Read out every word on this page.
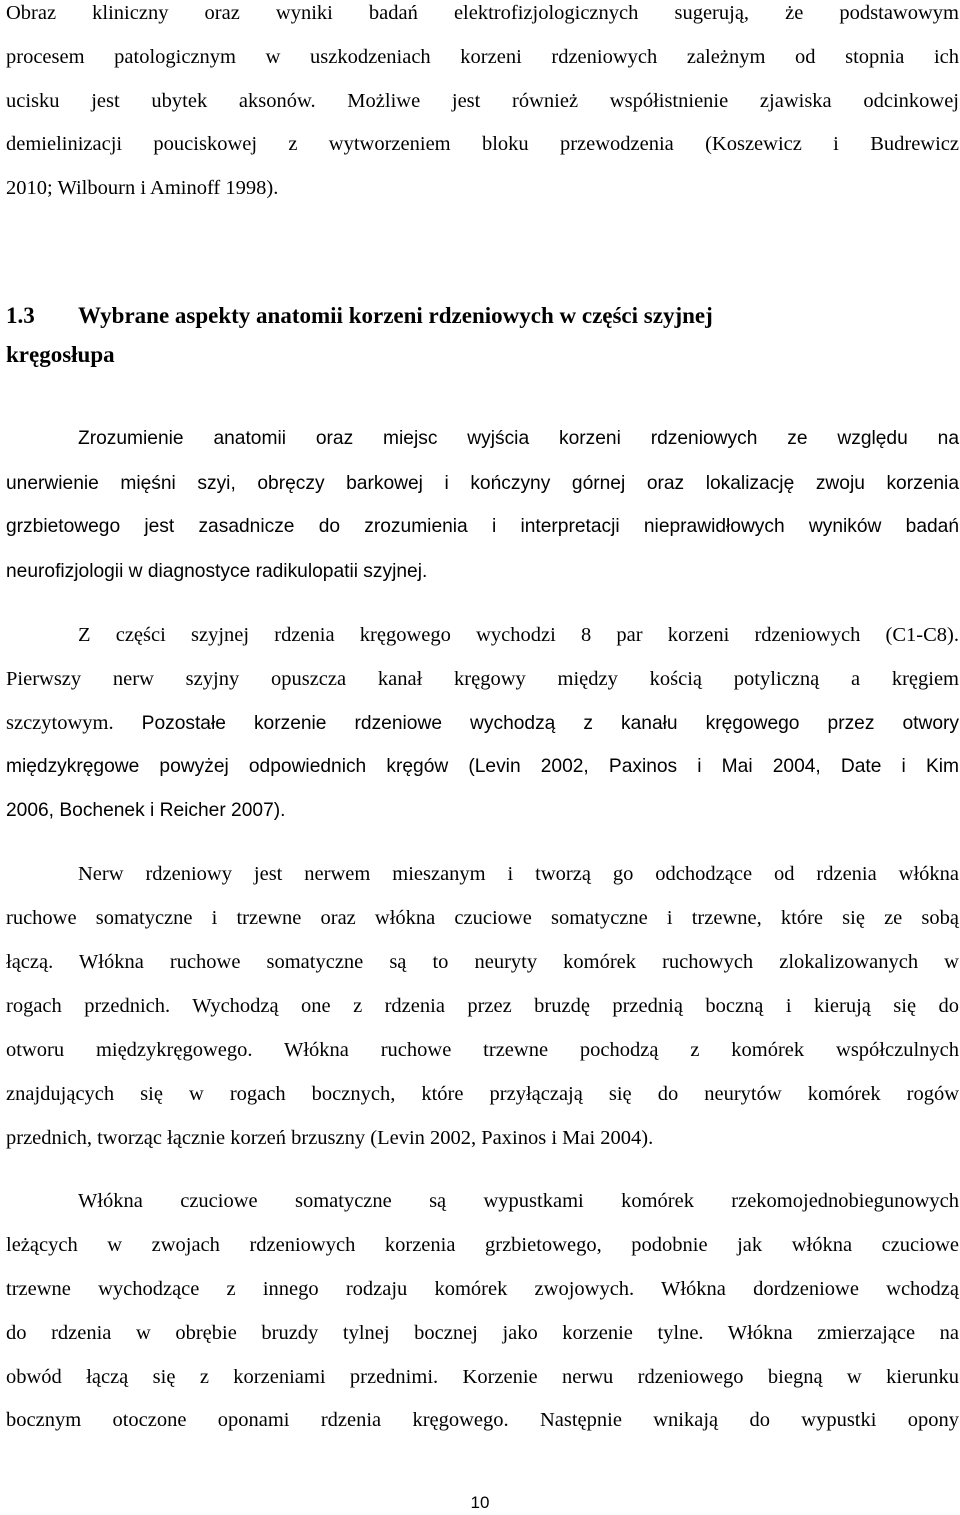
Obraz kliniczny oraz wyniki badań elektrofizjologicznych sugerują, że podstawowym
procesem patologicznym w uszkodzeniach korzeni rdzeniowych zależnym od stopnia ich
ucisku jest ubytek aksonów. Możliwe jest również współistnienie zjawiska odcinkowej
demielinizacji pouciskowej z wytworzeniem bloku przewodzenia (Koszewicz i Budrewicz
2010; Wilbourn i Aminoff 1998).
1.3 Wybrane aspekty anatomii korzeni rdzeniowych w części szyjnej
kręgosłupa
Zrozumienie anatomii oraz miejsc wyjścia korzeni rdzeniowych ze względu na
unerwienie mięśni szyi, obręczy barkowej i kończyny górnej oraz lokalizację zwoju korzenia
grzbietowego jest zasadnicze do zrozumienia i interpretacji nieprawidłowych wyników badań
neurofizjologii w diagnostyce radikulopatii szyjnej.
Z części szyjnej rdzenia kręgowego wychodzi 8 par korzeni rdzeniowych (C1-C8).
Pierwszy nerw szyjny opuszcza kanał kręgowy między kością potyliczną a kręgiem
szczytowym. Pozostałe korzenie rdzeniowe wychodzą z kanału kręgowego przez otwory
międzykręgowe powyżej odpowiednich kręgów (Levin 2002, Paxinos i Mai 2004, Date i Kim
2006, Bochenek i Reicher 2007).
Nerw rdzeniowy jest nerwem mieszanym i tworzą go odchodzące od rdzenia włókna
ruchowe somatyczne i trzewne oraz włókna czuciowe somatyczne i trzewne, które się ze sobą
łączą. Włókna ruchowe somatyczne są to neuryty komórek ruchowych zlokalizowanych w
rogach przednich. Wychodzą one z rdzenia przez bruzdę przednią boczną i kierują się do
otworu międzykręgowego. Włókna ruchowe trzewne pochodzą z komórek współczulnych
znajdujących się w rogach bocznych, które przyłączają się do neurytów komórek rogów
przednich, tworząc łącznie korzeń brzuszny (Levin 2002, Paxinos i Mai 2004).
Włókna czuciowe somatyczne są wypustkami komórek rzekomojednobiegunowych
leżących w zwojach rdzeniowych korzenia grzbietowego, podobnie jak włókna czuciowe
trzewne wychodzące z innego rodzaju komórek zwojowych. Włókna dordzeniowe wchodzą
do rdzenia w obrębie bruzdy tylnej bocznej jako korzenie tylne. Włókna zmierzające na
obwód łączą się z korzeniami przednimi. Korzenie nerwu rdzeniowego biegną w kierunku
bocznym otoczone oponami rdzenia kręgowego. Następnie wnikają do wypustki opony
10
